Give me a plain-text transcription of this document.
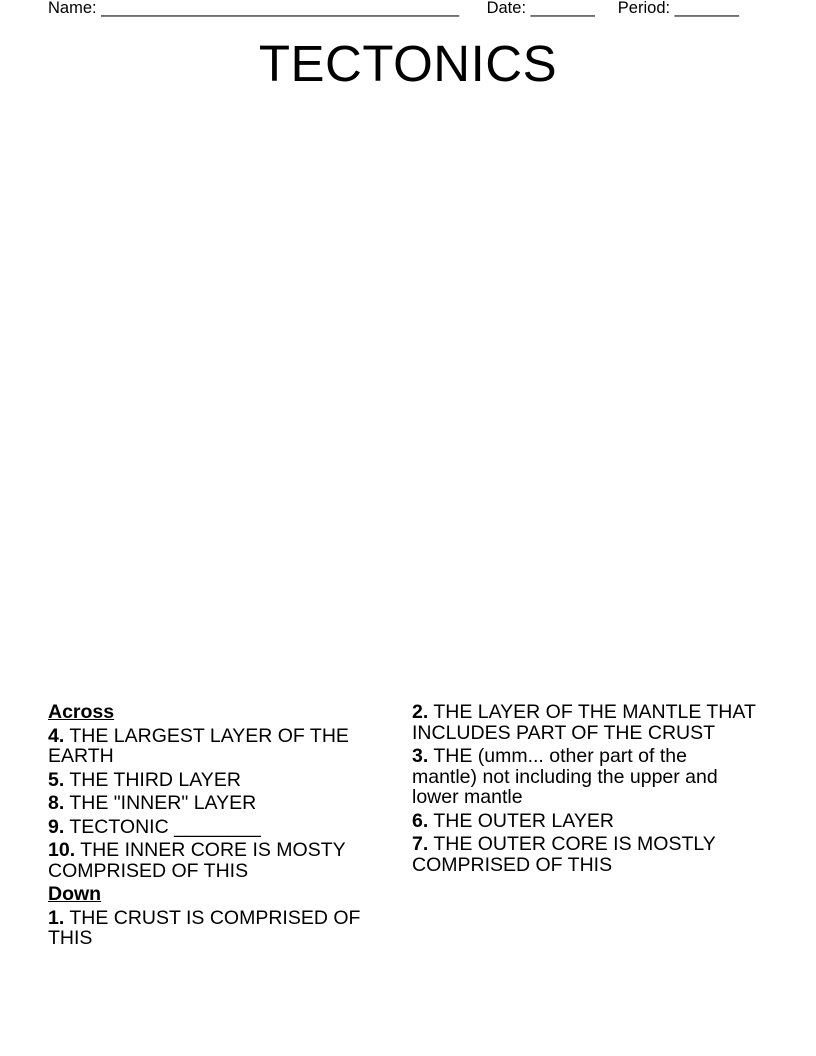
Name: _______________________________________ Date: _______ Period: _______
TECTONICS
Across
4. THE LARGEST LAYER OF THE EARTH
5. THE THIRD LAYER
8. THE "INNER" LAYER
9. TECTONIC ________
10. THE INNER CORE IS MOSTY COMPRISED OF THIS
Down
1. THE CRUST IS COMPRISED OF THIS
2. THE LAYER OF THE MANTLE THAT INCLUDES PART OF THE CRUST
3. THE (umm... other part of the mantle) not including the upper and lower mantle
6. THE OUTER LAYER
7. THE OUTER CORE IS MOSTLY COMPRISED OF THIS
